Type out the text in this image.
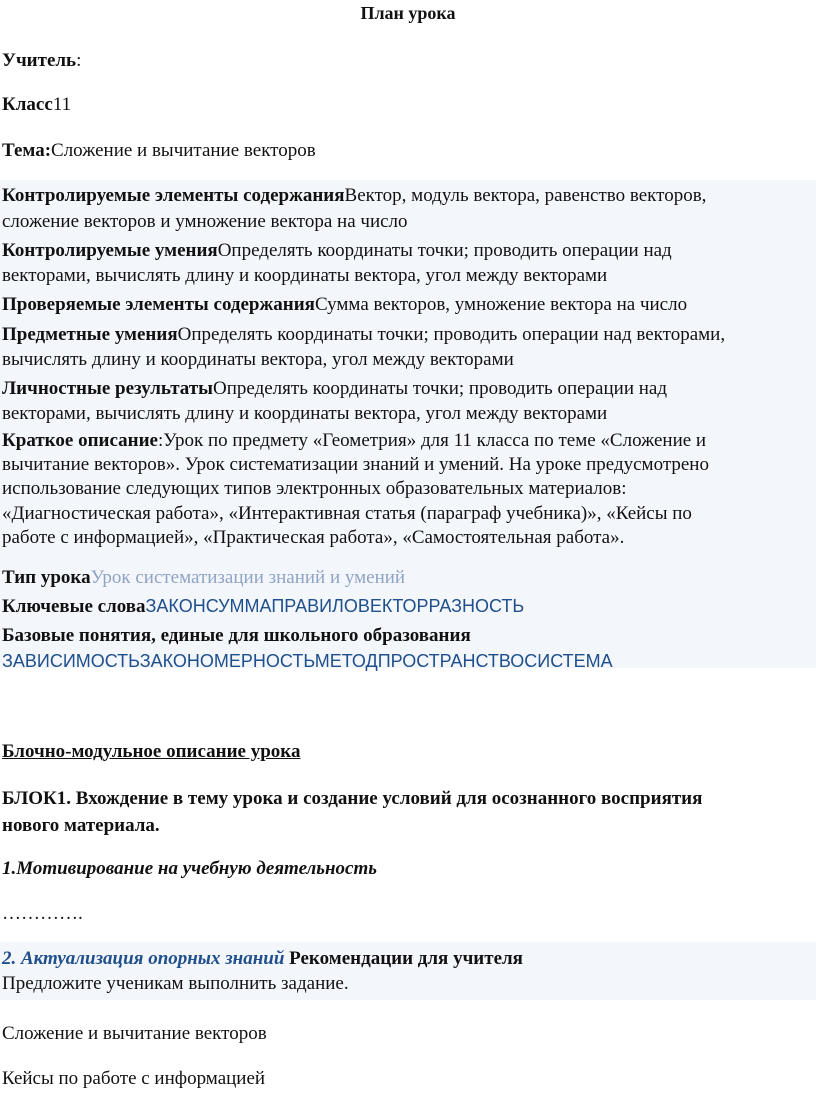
План урока
Учитель:
Класс11
Тема:Сложение и вычитание векторов
Контролируемые элементы содержанияВектор, модуль вектора, равенство векторов,
сложение векторов и умножение вектора на число
Контролируемые уменияОпределять координаты точки; проводить операции над
векторами, вычислять длину и координаты вектора, угол между векторами
Проверяемые элементы содержанияСумма векторов, умножение вектора на число
Предметные уменияОпределять координаты точки; проводить операции над векторами,
вычислять длину и координаты вектора, угол между векторами
Личностные результатыОпределять координаты точки; проводить операции над
векторами, вычислять длину и координаты вектора, угол между векторами
Краткое описание:Урок по предмету «Геометрия» для 11 класса по теме «Сложение и
вычитание векторов». Урок систематизации знаний и умений. На уроке предусмотрено
использование следующих типов электронных образовательных материалов:
«Диагностическая работа», «Интерактивная статья (параграф учебника)», «Кейсы по
работе с информацией», «Практическая работа», «Самостоятельная работа».
Тип урокаУрок систематизации знаний и умений
Ключевые словаЗАКОНСУММАПРАВИЛОВЕКТОРРАЗНОСТЬ
Базовые понятия, единые для школьного образования
ЗАВИСИМОСТЬЗАКОНОМЕРНОСТЬМЕТОДПРОСТРАНСТВОСИСТЕМА
Блочно-модульное описание урока
БЛОК1. Вхождение в тему урока и создание условий для осознанного восприятия
нового материала.
1.Мотивирование на учебную деятельность
………….
2. Актуализация опорных знаний Рекомендации для учителя
Предложите ученикам выполнить задание.
Сложение и вычитание векторов
Кейсы по работе с информацией
